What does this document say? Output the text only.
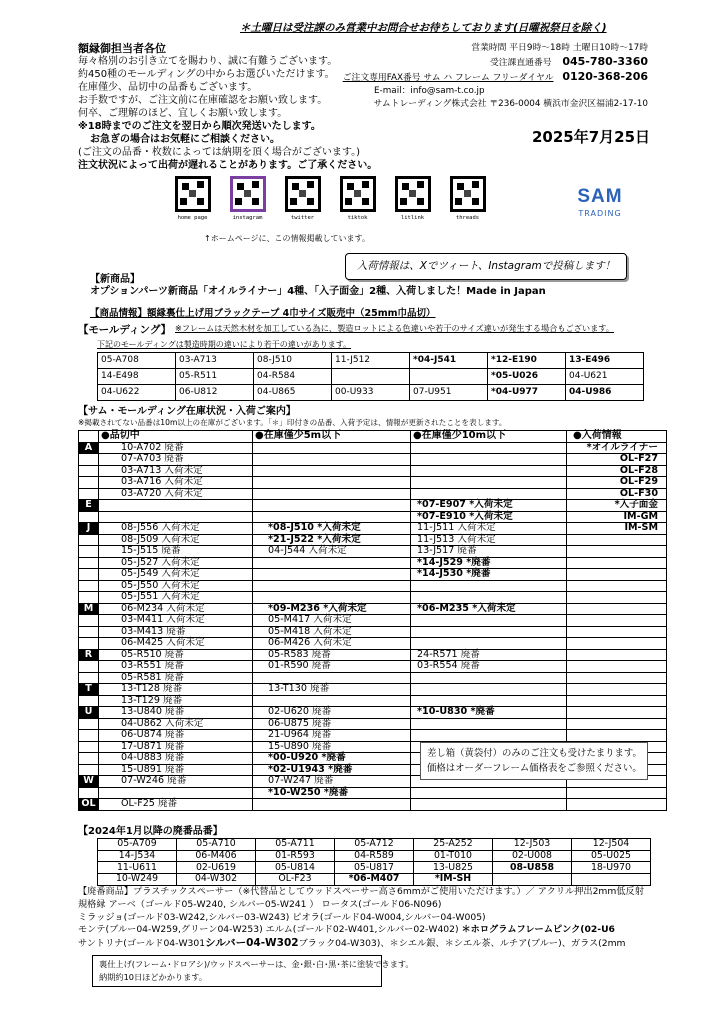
＊土曜日は受注課のみ営業中お問合せお待ちしております(日曜祝祭日を除く)
額縁御担当者各位
毎々格別のお引き立てを賜わり、誠に有難うございます。
約450種のモールディングの中からお選びいただけます。
在庫僅少、品切中の品番もございます。
お手数ですが、ご注文前に在庫確認をお願い致します。
何卒、ご理解のほど、宜しくお願い致します。
※18時までのご注文を翌日から順次発送いたします。
お急ぎの場合はお気軽にご相談ください。
(ご注文の品番・枚数によっては納期を頂く場合がございます。)
注文状況によって出荷が遅れることがあります。ご了承ください。
営業時間 平日9時～18時 土曜日10時～17時
受注課直通番号 045-780-3360
ご注文専用FAX番号 サム ハ フレーム フリーダイヤル 0120-368-206
E-mail：info@sam-t.co.jp
サムトレーディング株式会社 〒236-0004 横浜市金沢区福浦2-17-10
2025年7月25日
home page	instagram	twitter	tiktok	litlink	threads
↑ホームページに、この情報掲載しています。
SAM
TRADING
入荷情報は、Xでツィート、Instagramで投稿します！
【新商品】
オプションパーツ新商品「オイルライナー」4種、「入子面金」2種、入荷しました！Made in Japan
【商品情報】額縁裏仕上げ用ブラックテープ 4巾サイズ販売中（25mm巾品切）
【モールディング】 ※フレームは天然木材を加工している為に、製造ロットによる色違いや若干のサイズ違いが発生する場合もございます。
下記のモールディングは製造時期の違いにより若干の違いがあります。
05-A708	03-A713	08-J510	11-J512	*04-J541	*12-E190	13-E496
14-E498	05-R511	04-R584			*05-U026	04-U621
04-U622	06-U812	04-U865	00-U933	07-U951	*04-U977	04-U986
【サム・モールディング在庫状況・入荷ご案内】
※掲載されてない品番は10m以上の在庫がございます。「＊」印付きの品番、入荷予定は、情報が更新されたことを表します。
	●品切中	●在庫僅少5m以下	●在庫僅少10m以下	●入荷情報
A	10-A702 廃番			*オイルライナー
	07-A703 廃番			OL-F27
	03-A713 入荷未定			OL-F28
	03-A716 入荷未定			OL-F29
	03-A720 入荷未定			OL-F30
E			*07-E907 *入荷未定	*入子面金
			*07-E910 *入荷未定	IM-GM
J	08-J556 入荷未定	*08-J510 *入荷未定	11-J511 入荷未定	IM-SM
	08-J509 入荷未定	*21-J522 *入荷未定	11-J513 入荷未定	
	15-J515 廃番	04-J544 入荷未定	13-J517 廃番	
	05-J527 入荷未定		*14-J529 *廃番	
	05-J549 入荷未定		*14-J530 *廃番	
	05-J550 入荷未定			
	05-J551 入荷未定			
M	06-M234 入荷未定	*09-M236 *入荷未定	*06-M235 *入荷未定	
	03-M411 入荷未定	05-M417 入荷未定		
	03-M413 廃番	05-M418 入荷未定		
	06-M425 入荷未定	06-M426 入荷未定		
R	05-R510 廃番	05-R583 廃番	24-R571 廃番	
	03-R551 廃番	01-R590 廃番	03-R554 廃番	
	05-R581 廃番			
T	13-T128 廃番	13-T130 廃番		
	13-T129 廃番			
U	13-U840 廃番	02-U620 廃番	*10-U830 *廃番	
	04-U862 入荷未定	06-U875 廃番		
	06-U874 廃番	21-U964 廃番		
	17-U871 廃番	15-U890 廃番		
	04-U883 廃番	*00-U920 *廃番		
	15-U891 廃番	*02-U1943 *廃番		
W	07-W246 廃番	07-W247 廃番		
		*10-W250 *廃番		
OL	OL-F25 廃番			
差し箱（黄袋付）のみのご注文も受けたまります。
価格はオーダーフレーム価格表をご参照ください。
【2024年1月以降の廃番品番】
05-A709	05-A710	05-A711	05-A712	25-A252	12-J503	12-J504
14-J534	06-M406	01-R593	04-R589	01-T010	02-U008	05-U025
11-U611	02-U619	05-U814	05-U817	13-U825	08-U858	18-U970
10-W249	04-W302	OL-F23	*06-M407	*IM-SH		
【廃番商品】プラスチックスペーサー（※代替品としてウッドスペーサー高さ6mmがご使用いただけます。）／ アクリル押出2mm低反射
規格縁 アーベ（ゴールド05-W240, シルバー05-W241 ） ロータス(ゴールド06-N096)
ミラッジョ(ゴールド03-W242,シルバー03-W243) ピオラ(ゴールド04-W004,シルバー04-W005)
モンテ(ブルー04-W259,グリーン04-W253) エルム(ゴールド02-W401,シルバー02-W402) ＊ホログラムフレームピンク(02-U6
サントリナ(ゴールド04-W301シルバー04-W302ブラック04-W303)、＊シエル銀、＊シエル茶、ルチア(ブルー)、ガラス(2mm
裏仕上げ(フレーム･ドロアシ)/ウッドスペーサーは、金･銀･白･黒･茶に塗装できます。
納期約10日ほどかかります。
